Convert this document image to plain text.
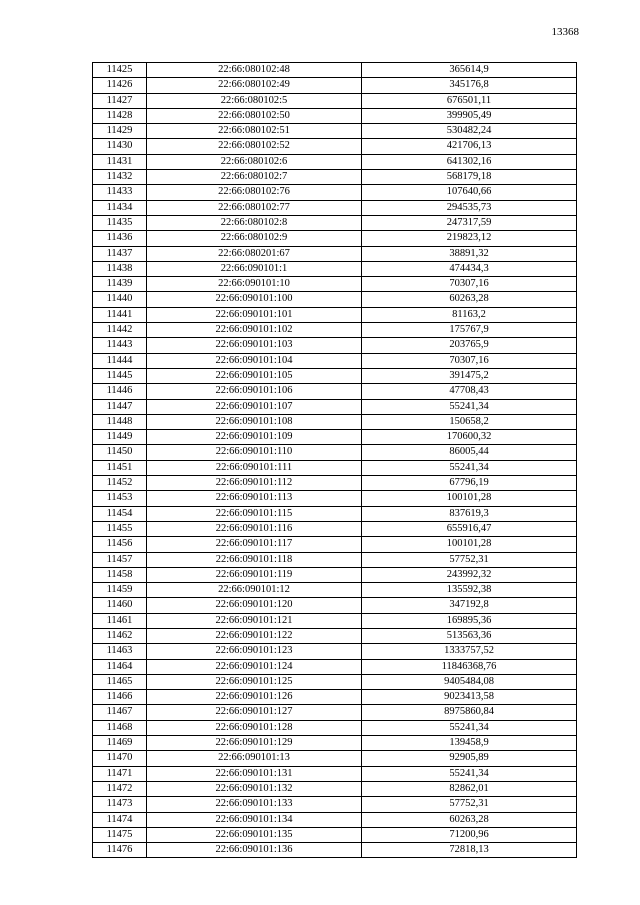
13368
11425	22:66:080102:48	365614,9
11426	22:66:080102:49	345176,8
11427	22:66:080102:5	676501,11
11428	22:66:080102:50	399905,49
11429	22:66:080102:51	530482,24
11430	22:66:080102:52	421706,13
11431	22:66:080102:6	641302,16
11432	22:66:080102:7	568179,18
11433	22:66:080102:76	107640,66
11434	22:66:080102:77	294535,73
11435	22:66:080102:8	247317,59
11436	22:66:080102:9	219823,12
11437	22:66:080201:67	38891,32
11438	22:66:090101:1	474434,3
11439	22:66:090101:10	70307,16
11440	22:66:090101:100	60263,28
11441	22:66:090101:101	81163,2
11442	22:66:090101:102	175767,9
11443	22:66:090101:103	203765,9
11444	22:66:090101:104	70307,16
11445	22:66:090101:105	391475,2
11446	22:66:090101:106	47708,43
11447	22:66:090101:107	55241,34
11448	22:66:090101:108	150658,2
11449	22:66:090101:109	170600,32
11450	22:66:090101:110	86005,44
11451	22:66:090101:111	55241,34
11452	22:66:090101:112	67796,19
11453	22:66:090101:113	100101,28
11454	22:66:090101:115	837619,3
11455	22:66:090101:116	655916,47
11456	22:66:090101:117	100101,28
11457	22:66:090101:118	57752,31
11458	22:66:090101:119	243992,32
11459	22:66:090101:12	135592,38
11460	22:66:090101:120	347192,8
11461	22:66:090101:121	169895,36
11462	22:66:090101:122	513563,36
11463	22:66:090101:123	1333757,52
11464	22:66:090101:124	11846368,76
11465	22:66:090101:125	9405484,08
11466	22:66:090101:126	9023413,58
11467	22:66:090101:127	8975860,84
11468	22:66:090101:128	55241,34
11469	22:66:090101:129	139458,9
11470	22:66:090101:13	92905,89
11471	22:66:090101:131	55241,34
11472	22:66:090101:132	82862,01
11473	22:66:090101:133	57752,31
11474	22:66:090101:134	60263,28
11475	22:66:090101:135	71200,96
11476	22:66:090101:136	72818,13
